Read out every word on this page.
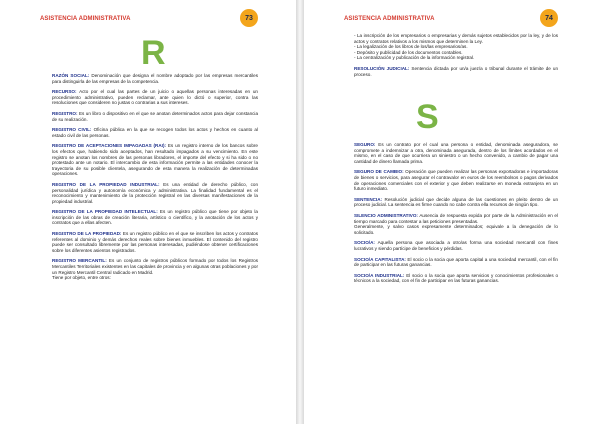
ASISTENCIA ADMINISTRATIVA	73
R
RAZÓN SOCIAL: Denominación que designa el nombre adoptado por las empresas mercantiles para distinguirla de las empresas de la competencia.
RECURSO: Acto por el cual las partes de un juicio o aquellas personas interesadas en un procedimiento administrativo, pueden reclamar, ante quien lo dictó o superior, contra las resoluciones que consideren no justas o contrarias a sus intereses.
REGISTRO: Es un libro o dispositivo en el que se anotan determinados actos para dejar constancia de su realización.
REGISTRO CIVIL: Oficina pública en la que se recogen todos los actos y hechos en cuanto al estado civil de las personas.
REGISTRO DE ACEPTACIONES IMPAGADAS (RAI): Es un registro interno de los bancos sobre los efectos que, habiendo sido aceptados, han resultado impagados a su vencimiento. En este registro se anotan los nombres de las personas libradores, el importe del efecto y si ha sido o no protestado ante un notario. El intercambio de esta información permite a las entidades conocer la trayectoria de su posible clientela, asegurando de esta manera la realización de determinadas operaciones.
REGISTRO DE LA PROPIEDAD INDUSTRIAL: Es una entidad de derecho público, con personalidad jurídica y autonomía económica y administrativa. La finalidad fundamental es el reconocimiento y mantenimiento de la protección registral en las diversas manifestaciones de la propiedad industrial.
REGISTRO DE LA PROPIEDAD INTELECTUAL: Es un registro público que tiene por objeto la inscripción de las obras de creación literaria, artístico o científico, y la anotación de los actos y contratos que a ellas afecten.
REGISTRO DE LA PROPIEDAD: Es un registro público en el que se inscriben los actos y contratos referentes al dominio y demás derechos reales sobre bienes inmuebles. El contenido del registro puede ser consultado libremente por las personas interesadas, pudiéndose obtener certificaciones sobre los diferentes asientos registrados.
REGISTRO MERCANTIL: Es un conjunto de registros públicos formado por todos los Registros Mercantiles Territoriales existentes en las capitales de provincia y en algunas otras poblaciones y por un Registro Mercantil Central radicado en Madrid.
Tiene por objeto, entre otros:
ASISTENCIA ADMINISTRATIVA	74
- La inscripción de los empresarios o empresarias y demás sujetos establecidos por la ley, y de los actos y contratos relativos a los mismos que determinen la Ley.
- La legalización de los libros de los/las empresarios/as.
- Depósito y publicidad de los documentos contables.
- La centralización y publicación de la información registral.
RESOLUCIÓN JUDICIAL: Sentencia dictada por un/a juez/a o tribunal durante el trámite de un proceso.
S
SEGURO: Es un contrato por el cual una persona o entidad, denominada aseguradora, se compromete a indemnizar a otra, denominada asegurada, dentro de los límites acordados en el mismo, en el caso de que ocurriera un siniestro o un hecho convenido, a cambio de pagar una cantidad de dinero llamada prima.
SEGURO DE CAMBIO: Operación que pueden realizar las personas exportadoras e importadoras de bienes o servicios, para asegurar el contravalor en euros de los reembolsos o pagos derivados de operaciones comerciales con el exterior y que deben realizarse en moneda extranjera en un futuro inmediato.
SENTENCIA: Resolución judicial que decide alguna de las cuestiones en pleito dentro de un proceso judicial. La sentencia es firme cuando no cabe contra ella recursos de ningún tipo.
SILENCIO ADMINISTRATIVO: Ausencia de respuesta expida por parte de la Administración en el tiempo marcado para contestar a las peticiones presentadas.
Generalmente, y salvo casos expresamente determinados; equivale a la denegación de lo solicitado.
SOCIO/A: Aquella persona que asociada a otro/as forma una sociedad mercantil con fines lucrativos y siendo partícipe de beneficios y pérdidas.
SOCIO/A CAPITALISTA: El socio o la socia que aporta capital a una sociedad mercantil, con el fin de participar en las futuras ganancias.
SOCIO/A INDUSTRIAL: El socio o la socia que aporta servicios y conocimientos profesionales o técnicos a la sociedad, con el fin de participar en las futuras ganancias.
